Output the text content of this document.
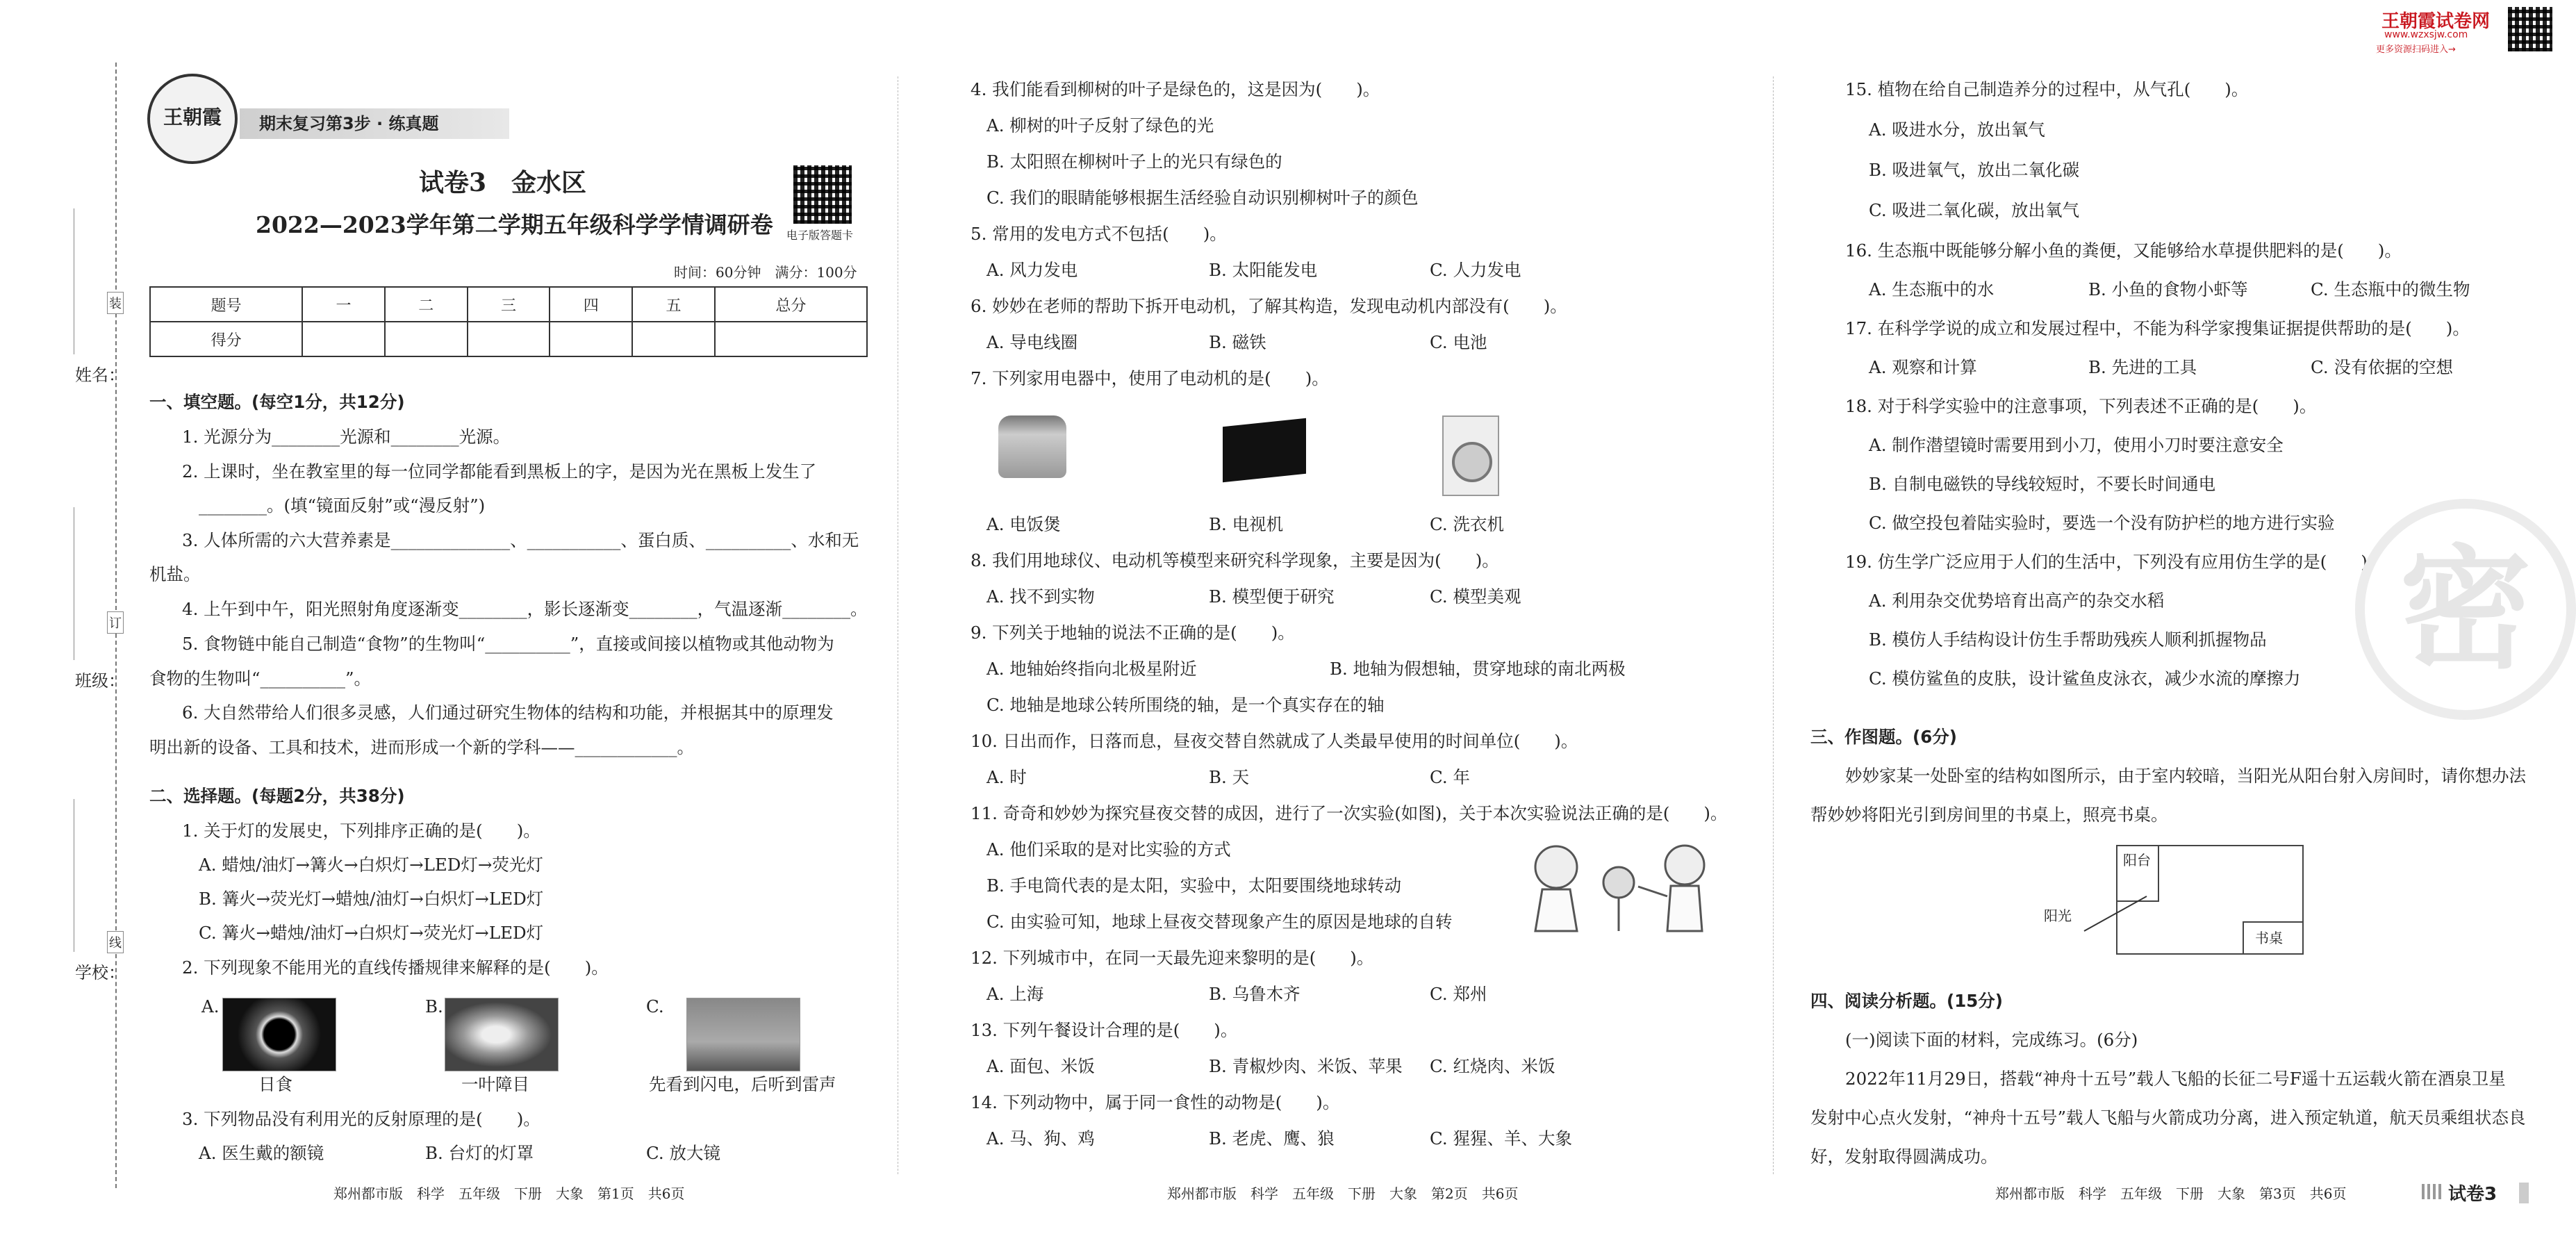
姓名：
班级：
学校：
装
订
线
王朝霞	期末复习第3步 · 练真题
试卷3　金水区
2022—2023学年第二学期五年级科学学情调研卷 电子版答题卡
时间：60分钟　满分：100分
题号	一	二	三	四	五	总分
得分						
一、填空题。(每空1分，共12分)
1. 光源分为________光源和________光源。
2. 上课时，坐在教室里的每一位同学都能看到黑板上的字，是因为光在黑板上发生了
________。(填“镜面反射”或“漫反射”)
3. 人体所需的六大营养素是______________、___________、蛋白质、__________、水和无
机盐。
4. 上午到中午，阳光照射角度逐渐变________，影长逐渐变________，气温逐渐________。
5. 食物链中能自己制造“食物”的生物叫“__________”，直接或间接以植物或其他动物为
食物的生物叫“__________”。
6. 大自然带给人们很多灵感，人们通过研究生物体的结构和功能，并根据其中的原理发
明出新的设备、工具和技术，进而形成一个新的学科——____________。
二、选择题。(每题2分，共38分)
1. 关于灯的发展史，下列排序正确的是(　　)。
A. 蜡烛/油灯→篝火→白炽灯→LED灯→荧光灯
B. 篝火→荧光灯→蜡烛/油灯→白炽灯→LED灯
C. 篝火→蜡烛/油灯→白炽灯→荧光灯→LED灯
2. 下列现象不能用光的直线传播规律来解释的是(　　)。
A.
日食
B.
一叶障目
C.
先看到闪电，后听到雷声
3. 下列物品没有利用光的反射原理的是(　　)。
A. 医生戴的额镜	B. 台灯的灯罩	C. 放大镜
郑州都市版　科学　五年级　下册　大象　第1页　共6页
4. 我们能看到柳树的叶子是绿色的，这是因为(　　)。
A. 柳树的叶子反射了绿色的光
B. 太阳照在柳树叶子上的光只有绿色的
C. 我们的眼睛能够根据生活经验自动识别柳树叶子的颜色
5. 常用的发电方式不包括(　　)。
A. 风力发电	B. 太阳能发电	C. 人力发电
6. 妙妙在老师的帮助下拆开电动机，了解其构造，发现电动机内部没有(　　)。
A. 导电线圈	B. 磁铁	C. 电池
7. 下列家用电器中，使用了电动机的是(　　)。
A. 电饭煲	B. 电视机	C. 洗衣机
8. 我们用地球仪、电动机等模型来研究科学现象，主要是因为(　　)。
A. 找不到实物	B. 模型便于研究	C. 模型美观
9. 下列关于地轴的说法不正确的是(　　)。
A. 地轴始终指向北极星附近	B. 地轴为假想轴，贯穿地球的南北两极
C. 地轴是地球公转所围绕的轴，是一个真实存在的轴
10. 日出而作，日落而息，昼夜交替自然就成了人类最早使用的时间单位(　　)。
A. 时	B. 天	C. 年
11. 奇奇和妙妙为探究昼夜交替的成因，进行了一次实验(如图)，关于本次实验说法正确的是(　　)。
A. 他们采取的是对比实验的方式
B. 手电筒代表的是太阳，实验中，太阳要围绕地球转动
C. 由实验可知，地球上昼夜交替现象产生的原因是地球的自转
12. 下列城市中，在同一天最先迎来黎明的是(　　)。
A. 上海	B. 乌鲁木齐	C. 郑州
13. 下列午餐设计合理的是(　　)。
A. 面包、米饭	B. 青椒炒肉、米饭、苹果 C. 红烧肉、米饭
14. 下列动物中，属于同一食性的动物是(　　)。
A. 马、狗、鸡	B. 老虎、鹰、狼	C. 猩猩、羊、大象
郑州都市版　科学　五年级　下册　大象　第2页　共6页
王朝霞试卷网
www.wzxsjw.com
更多资源扫码进入→
15. 植物在给自己制造养分的过程中，从气孔(　　)。
A. 吸进水分，放出氧气
B. 吸进氧气，放出二氧化碳
C. 吸进二氧化碳，放出氧气
16. 生态瓶中既能够分解小鱼的粪便，又能够给水草提供肥料的是(　　)。
A. 生态瓶中的水	B. 小鱼的食物小虾等	C. 生态瓶中的微生物
17. 在科学学说的成立和发展过程中，不能为科学家搜集证据提供帮助的是(　　)。
A. 观察和计算	B. 先进的工具	C. 没有依据的空想
18. 对于科学实验中的注意事项，下列表述不正确的是(　　)。
A. 制作潜望镜时需要用到小刀，使用小刀时要注意安全
B. 自制电磁铁的导线较短时，不要长时间通电
C. 做空投包着陆实验时，要选一个没有防护栏的地方进行实验
19. 仿生学广泛应用于人们的生活中，下列没有应用仿生学的是(　　)。
A. 利用杂交优势培育出高产的杂交水稻
B. 模仿人手结构设计仿生手帮助残疾人顺利抓握物品
C. 模仿鲨鱼的皮肤，设计鲨鱼皮泳衣，减少水流的摩擦力 密
三、作图题。(6分)
妙妙家某一处卧室的结构如图所示，由于室内较暗，当阳光从阳台射入房间时，请你想办法
帮妙妙将阳光引到房间里的书桌上，照亮书桌。
阳台
阳光
书桌
四、阅读分析题。(15分)
(一)阅读下面的材料，完成练习。(6分)
2022年11月29日，搭载“神舟十五号”载人飞船的长征二号F遥十五运载火箭在酒泉卫星
发射中心点火发射，“神舟十五号”载人飞船与火箭成功分离，进入预定轨道，航天员乘组状态良
好，发射取得圆满成功。
郑州都市版　科学　五年级　下册　大象　第3页　共6页	试卷3
